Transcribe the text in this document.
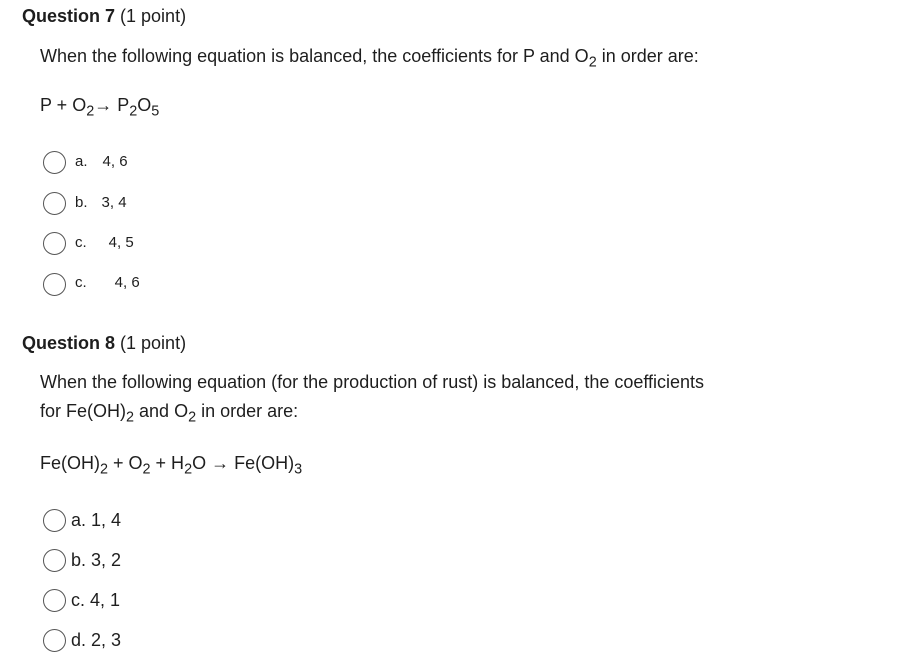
Question 7 (1 point)
When the following equation is balanced, the coefficients for P and $O_2$ in order are:
$P + O_2\to P_2O_5$
a. 4, 6
b. 3, 4
c. 4, 5
c. 4, 6
Question 8 (1 point)
When the following equation (for the production of rust) is balanced, the coefficients
for $Fe(OH)_2$ and $O_2$ in order are:
$Fe(OH)_2 + O_2 + H_2O \to Fe(OH)_3$
a. 1, 4
b. 3, 2
c. 4, 1
d. 2, 3
